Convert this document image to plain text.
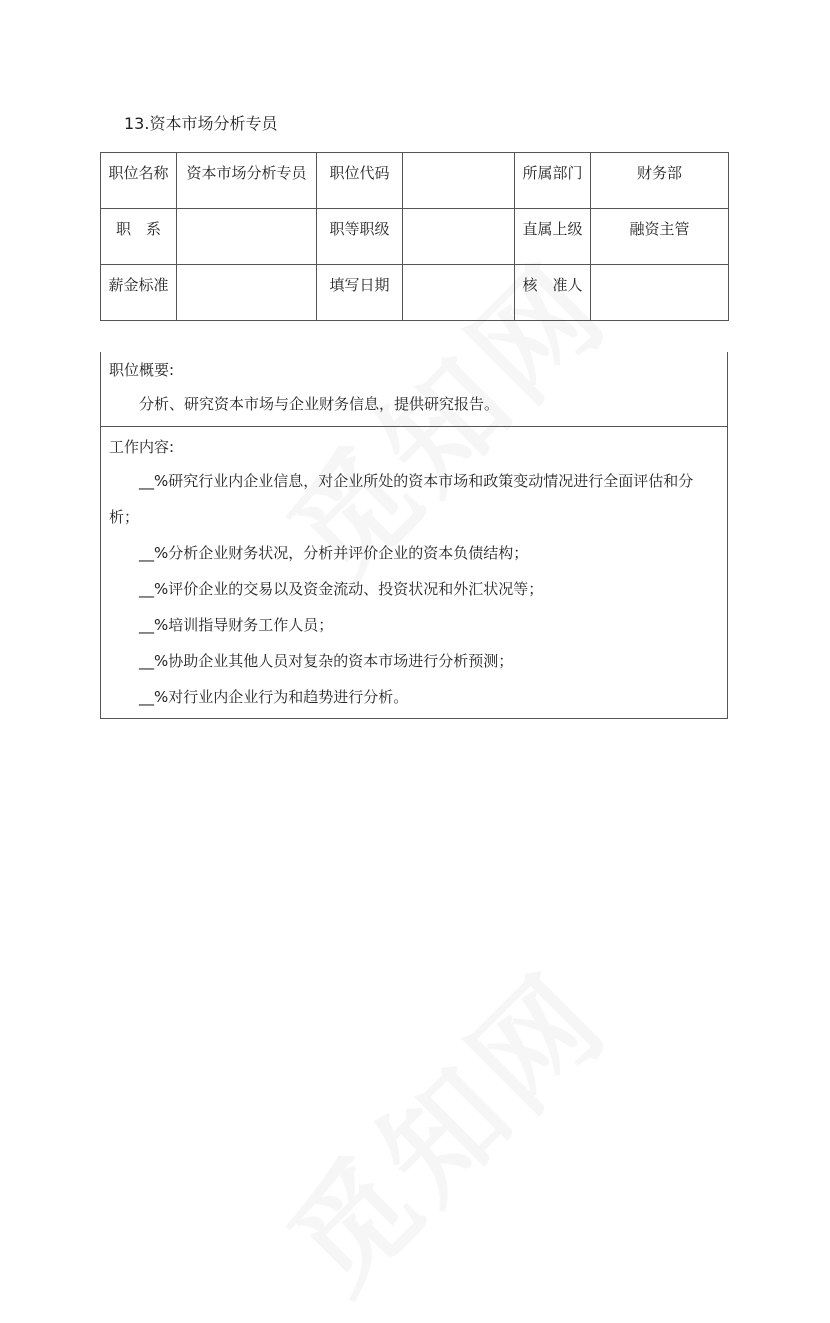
13.资本市场分析专员
职位名称	资本市场分析专员	职位代码		所属部门	财务部
职　系		职等职级		直属上级	融资主管
薪金标准		填写日期		核　准人	
职位概要:

分析、研究资本市场与企业财务信息，提供研究报告。

工作内容:

__%研究行业内企业信息，对企业所处的资本市场和政策变动情况进行全面评估和分析；

__%分析企业财务状况，分析并评价企业的资本负债结构；

__%评价企业的交易以及资金流动、投资状况和外汇状况等；

__%培训指导财务工作人员；

__%协助企业其他人员对复杂的资本市场进行分析预测；

__%对行业内企业行为和趋势进行分析。
